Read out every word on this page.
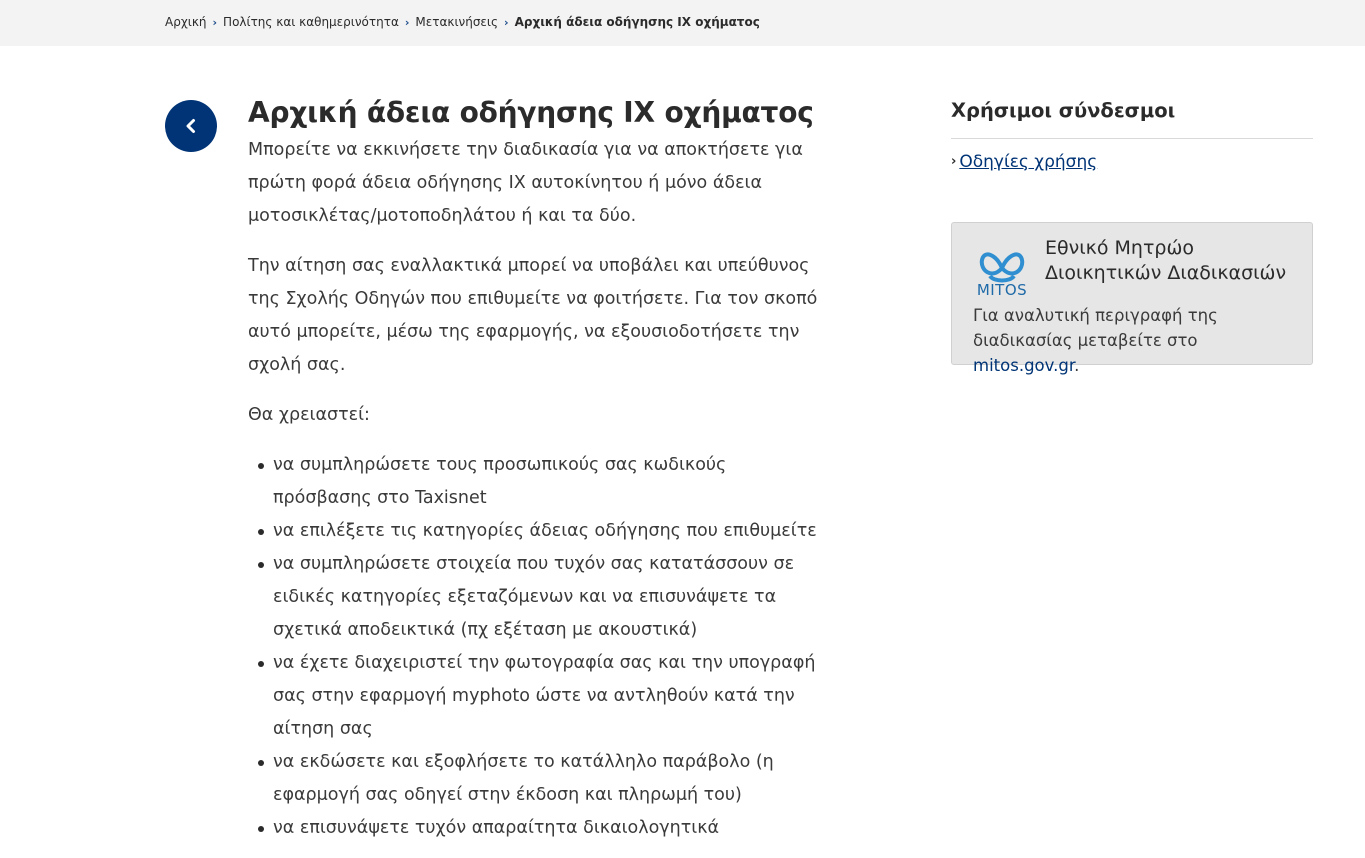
Αρχική › Πολίτης και καθημερινότητα › Μετακινήσεις › Αρχική άδεια οδήγησης ΙΧ οχήματος
Αρχική άδεια οδήγησης ΙΧ οχήματος

Μπορείτε να εκκινήσετε την διαδικασία για να αποκτήσετε για πρώτη φορά άδεια οδήγησης ΙΧ αυτοκίνητου ή μόνο άδεια μοτοσικλέτας/μοτοποδηλάτου ή και τα δύο.

Την αίτηση σας εναλλακτικά μπορεί να υποβάλει και υπεύθυνος της Σχολής Οδηγών που επιθυμείτε να φοιτήσετε. Για τον σκοπό αυτό μπορείτε, μέσω της εφαρμογής, να εξουσιοδοτήσετε την σχολή σας.

Θα χρειαστεί:

να συμπληρώσετε τους προσωπικούς σας κωδικούς πρόσβασης στο Taxisnet
να επιλέξετε τις κατηγορίες άδειας οδήγησης που επιθυμείτε
να συμπληρώσετε στοιχεία που τυχόν σας κατατάσσουν σε ειδικές κατηγορίες εξεταζόμενων και να επισυνάψετε τα σχετικά αποδεικτικά (πχ εξέταση με ακουστικά)
να έχετε διαχειριστεί την φωτογραφία σας και την υπογραφή σας στην εφαρμογή myphoto ώστε να αντληθούν κατά την αίτηση σας
να εκδώσετε και εξοφλήσετε το κατάλληλο παράβολο (η εφαρμογή σας οδηγεί στην έκδοση και πληρωμή του)
να επισυνάψετε τυχόν απαραίτητα δικαιολογητικά
Χρήσιμοι σύνδεσμοι
› Οδηγίες χρήσης
MITOS
Εθνικό Μητρώο
Διοικητικών Διαδικασιών

Για αναλυτική περιγραφή της διαδικασίας μεταβείτε στο mitos.gov.gr.
